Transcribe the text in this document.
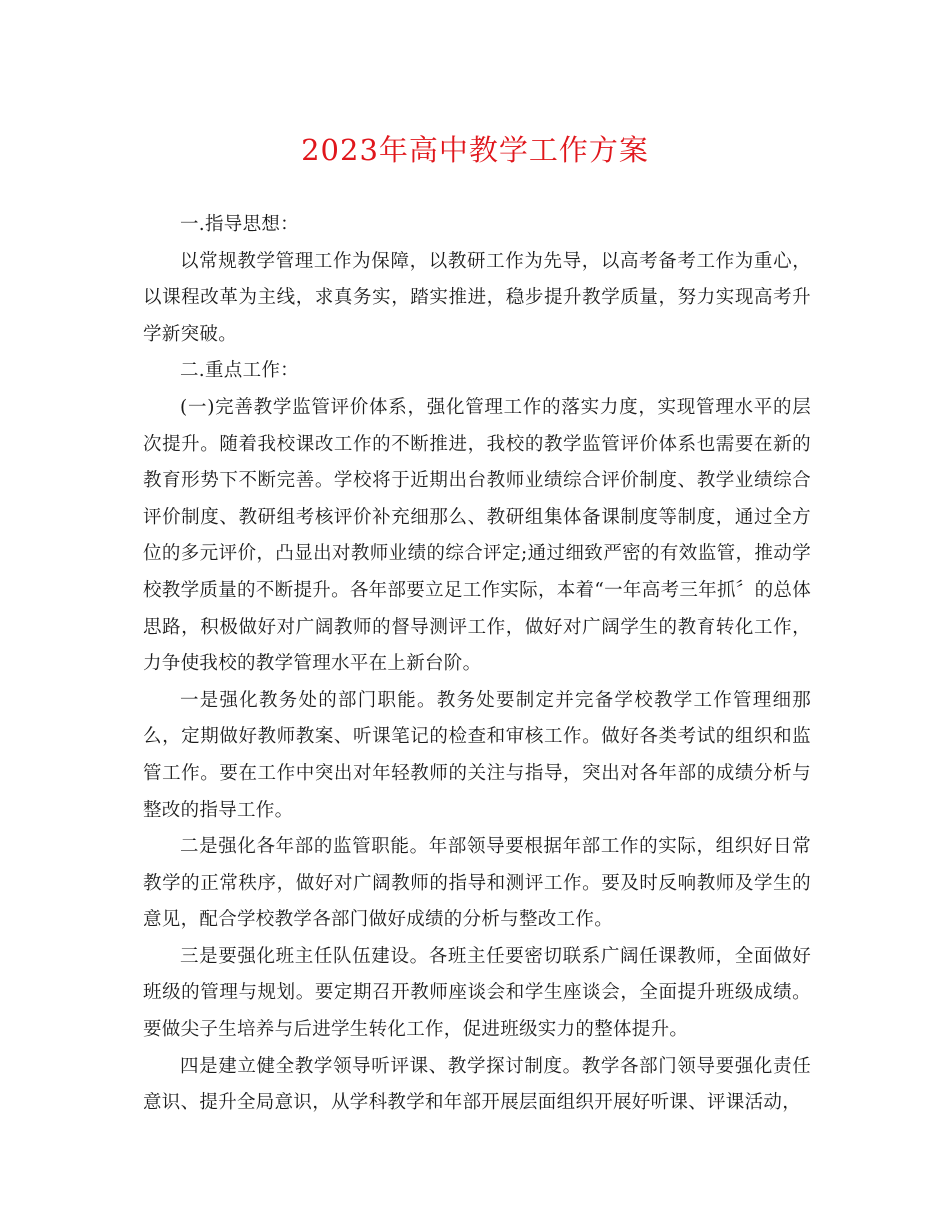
2023年高中教学工作方案

一.指导思想：

以常规教学管理工作为保障，以教研工作为先导，以高考备考工作为重心，以课程改革为主线，求真务实，踏实推进，稳步提升教学质量，努力实现高考升学新突破。

二.重点工作：

(一)完善教学监管评价体系，强化管理工作的落实力度，实现管理水平的层次提升。随着我校课改工作的不断推进，我校的教学监管评价体系也需要在新的教育形势下不断完善。学校将于近期出台教师业绩综合评价制度、教学业绩综合评价制度、教研组考核评价补充细那么、教研组集体备课制度等制度，通过全方位的多元评价，凸显出对教师业绩的综合评定;通过细致严密的有效监管，推动学校教学质量的不断提升。各年部要立足工作实际，本着“一年高考三年抓〞的总体思路，积极做好对广阔教师的督导测评工作，做好对广阔学生的教育转化工作，力争使我校的教学管理水平在上新台阶。

一是强化教务处的部门职能。教务处要制定并完备学校教学工作管理细那么，定期做好教师教案、听课笔记的检查和审核工作。做好各类考试的组织和监管工作。要在工作中突出对年轻教师的关注与指导，突出对各年部的成绩分析与整改的指导工作。

二是强化各年部的监管职能。年部领导要根据年部工作的实际，组织好日常教学的正常秩序，做好对广阔教师的指导和测评工作。要及时反响教师及学生的意见，配合学校教学各部门做好成绩的分析与整改工作。

三是要强化班主任队伍建设。各班主任要密切联系广阔任课教师，全面做好班级的管理与规划。要定期召开教师座谈会和学生座谈会，全面提升班级成绩。要做尖子生培养与后进学生转化工作，促进班级实力的整体提升。

四是建立健全教学领导听评课、教学探讨制度。教学各部门领导要强化责任意识、提升全局意识，从学科教学和年部开展层面组织开展好听课、评课活动，
